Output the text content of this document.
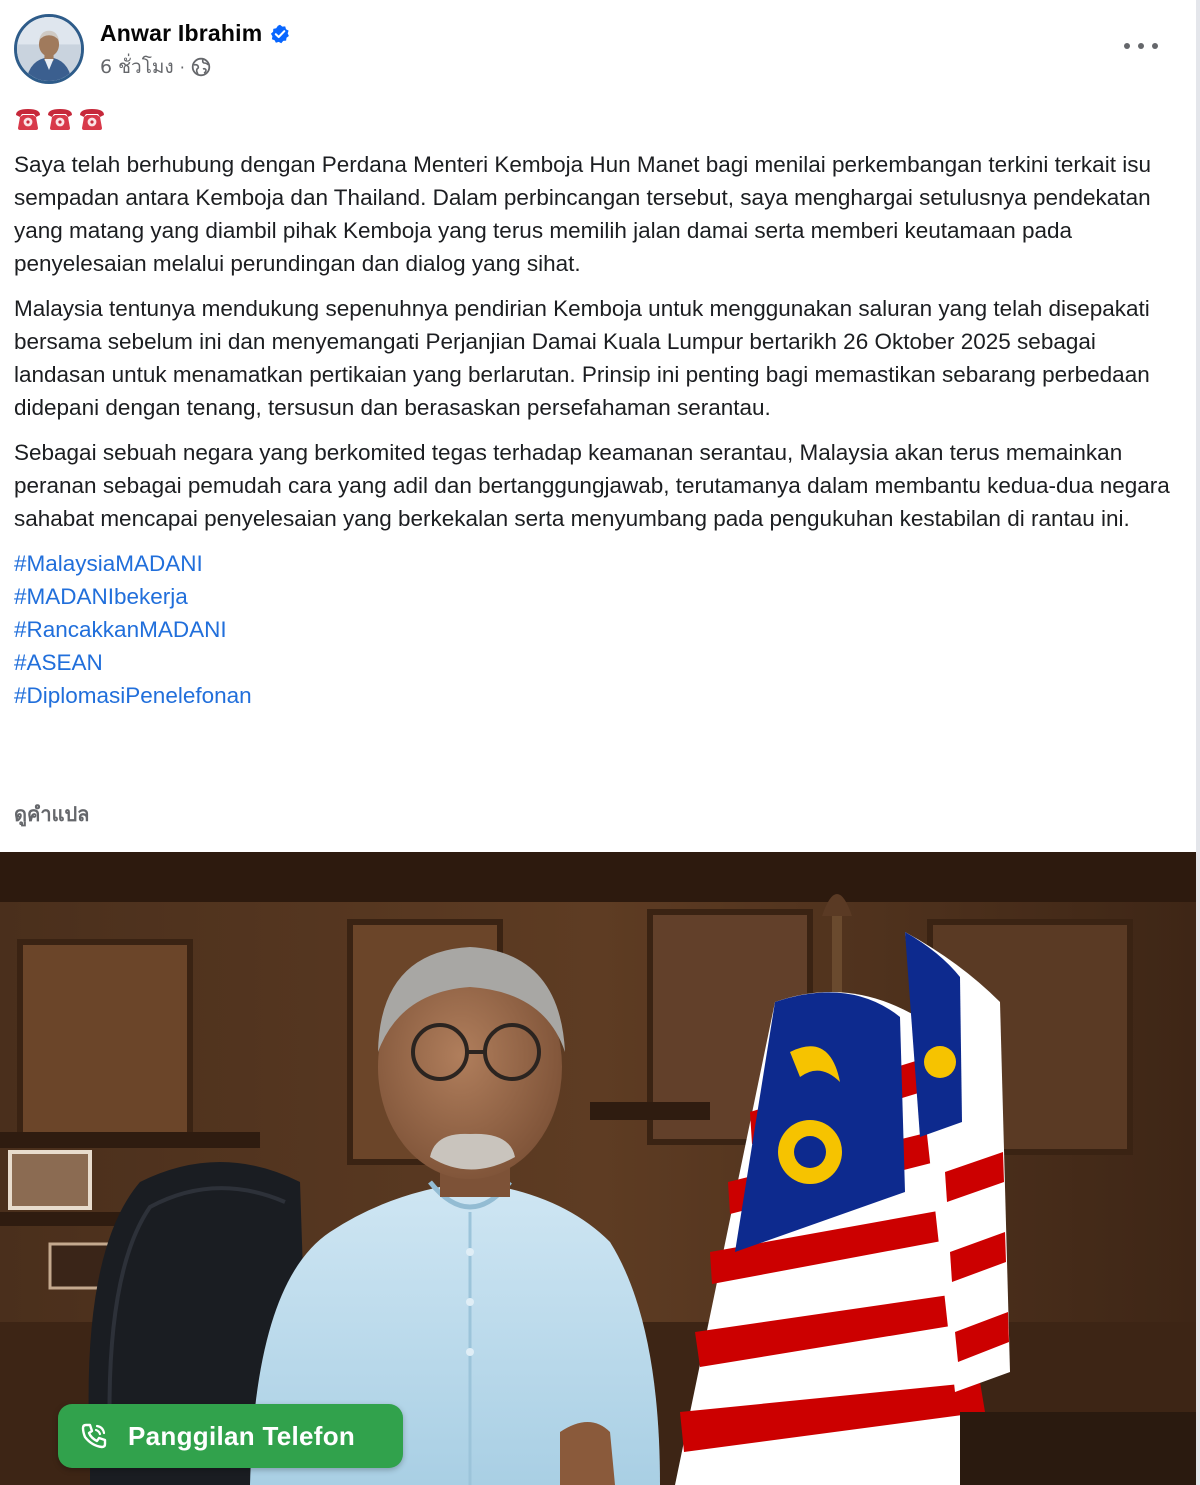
Anwar Ibrahim
6 ชั่วโมง ·

Saya telah berhubung dengan Perdana Menteri Kemboja Hun Manet bagi menilai perkembangan terkini terkait isu sempadan antara Kemboja dan Thailand. Dalam perbincangan tersebut, saya menghargai setulusnya pendekatan yang matang yang diambil pihak Kemboja yang terus memilih jalan damai serta memberi keutamaan pada penyelesaian melalui perundingan dan dialog yang sihat.

Malaysia tentunya mendukung sepenuhnya pendirian Kemboja untuk menggunakan saluran yang telah disepakati bersama sebelum ini dan menyemangati Perjanjian Damai Kuala Lumpur bertarikh 26 Oktober 2025 sebagai landasan untuk menamatkan pertikaian yang berlarutan. Prinsip ini penting bagi memastikan sebarang perbedaan didepani dengan tenang, tersusun dan berasaskan persefahaman serantau.

Sebagai sebuah negara yang berkomited tegas terhadap keamanan serantau, Malaysia akan terus memainkan peranan sebagai pemudah cara yang adil dan bertanggungjawab, terutamanya dalam membantu kedua-dua negara sahabat mencapai penyelesaian yang berkekalan serta menyumbang pada pengukuhan kestabilan di rantau ini.

#MalaysiaMADANI
#MADANIbekerja
#RancakkanMADANI
#ASEAN
#DiplomasiPenelefonan
ดูคำแปล
Panggilan Telefon
